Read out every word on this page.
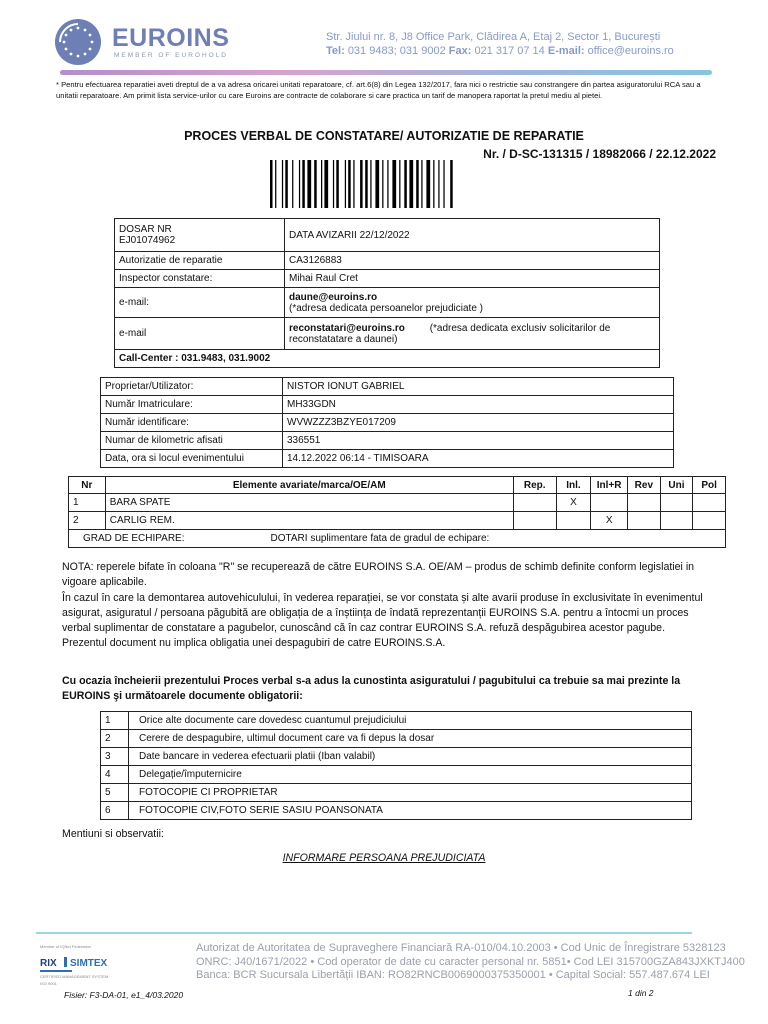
EUROINS
MEMBER OF EUROHOLD
Str. Jiului nr. 8, J8 Office Park, Clădirea A, Etaj 2, Sector 1, București
Tel: 031 9483; 031 9002 Fax: 021 317 07 14 E-mail: office@euroins.ro
* Pentru efectuarea reparatiei aveti dreptul de a va adresa oricarei unitati reparatoare, cf. art.6(8) din Legea 132/2017, fara nici o restrictie sau constrangere din partea asiguratorului RCA sau a unitatii reparatoare. Am primit lista service-urilor cu care Euroins are contracte de colaborare si care practica un tarif de manopera raportat la pretul mediu al pietei.
PROCES VERBAL DE CONSTATARE/ AUTORIZATIE DE REPARATIE
Nr. / D-SC-131315 / 18982066 / 22.12.2022
DOSAR NR
EJ01074962	DATA AVIZARII 22/12/2022
Autorizatie de reparatie	CA3126883
Inspector constatare:	Mihai Raul Cret
e-mail:	daune@euroins.ro
(*adresa dedicata persoanelor prejudiciate )

e-mail	reconstatari@euroins.ro (*adresa dedicata exclusiv solicitarilor de reconstatatare a daunei)
Call-Center : 031.9483, 031.9002	
Proprietar/Utilizator:	NISTOR IONUT GABRIEL
Număr Imatriculare:	MH33GDN
Număr identificare:	WVWZZZ3BZYE017209
Numar de kilometric afisati	336551
Data, ora si locul evenimentului	14.12.2022 06:14 - TIMISOARA
Nr	Elemente avariate/marca/OE/AM	Rep.	Inl.	Inl+R	Rev	Uni	Pol
1	BARA SPATE		X				
2	CARLIG REM.			X			
GRAD DE ECHIPARE: DOTARI suplimentare fata de gradul de echipare:							
NOTA: reperele bifate în coloana "R" se recuperează de către EUROINS S.A. OE/AM – produs de schimb definite conform legislatiei in vigoare aplicabile.
În cazul în care la demontarea autovehiculului, în vederea reparației, se vor constata și alte avarii produse în exclusivitate în evenimentul asigurat, asiguratul / persoana păgubită are obligația de a înștiința de îndată reprezentanții EUROINS S.A. pentru a întocmi un proces verbal suplimentar de constatare a pagubelor, cunoscând că în caz contrar EUROINS S.A. refuză despăgubirea acestor pagube.
Prezentul document nu implica obligatia unei despagubiri de catre EUROINS.S.A.
Cu ocazia încheierii prezentului Proces verbal s-a adus la cunostinta asiguratului / pagubitului ca trebuie sa mai prezinte la EUROINS şi următoarele documente obligatorii:
1	Orice alte documente care dovedesc cuantumul prejudiciului
2	Cerere de despagubire, ultimul document care va fi depus la dosar
3	Date bancare in vederea efectuarii platii (Iban valabil)
4	Delegație/împuternicire
5	FOTOCOPIE CI PROPRIETAR
6	FOTOCOPIE CIV,FOTO SERIE SASIU POANSONATA
Mentiuni si observatii:
INFORMARE PERSOANA PREJUDICIATA
Member of IQNet Federation
RIX SIMTEX
CERTIFIED MANAGEMENT SYSTEM
ISO 9001
Autorizat de Autoritatea de Supraveghere Financiară RA-010/04.10.2003 • Cod Unic de Înregistrare 5328123
ONRC: J40/1671/2022 • Cod operator de date cu caracter personal nr. 5851• Cod LEI 315700GZA843JXKTJ400
Banca: BCR Sucursala Libertății IBAN: RO82RNCB0069000375350001 • Capital Social: 557.487.674 LEI
Fisier: F3-DA-01, e1_4/03.2020	1 din 2
